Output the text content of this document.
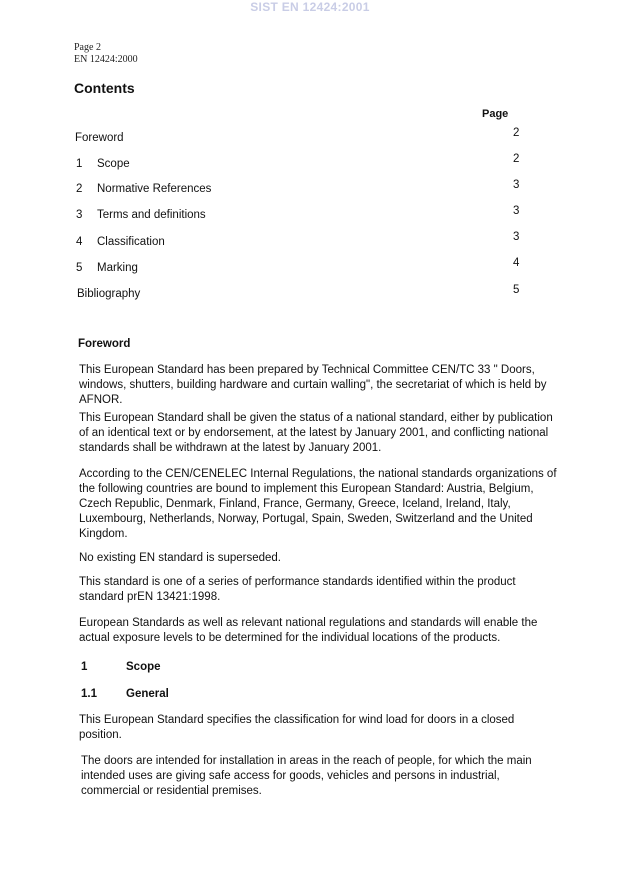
SIST EN 12424:2001
Page 2
EN 12424:2000
Contents
Page
Foreword	2
1 Scope	2
2 Normative References	3
3 Terms and definitions	3
4 Classification	3
5 Marking	4
Bibliography	5
Foreword
This European Standard has been prepared by Technical Committee CEN/TC 33 " Doors, windows, shutters, building hardware and curtain walling", the secretariat of which is held by AFNOR.
This European Standard shall be given the status of a national standard, either by publication of an identical text or by endorsement, at the latest by January 2001, and conflicting national standards shall be withdrawn at the latest by January 2001.
According to the CEN/CENELEC Internal Regulations, the national standards organizations of the following countries are bound to implement this European Standard: Austria, Belgium, Czech Republic, Denmark, Finland, France, Germany, Greece, Iceland, Ireland, Italy, Luxembourg, Netherlands, Norway, Portugal, Spain, Sweden, Switzerland and the United Kingdom.
No existing EN standard is superseded.
This standard is one of a series of performance standards identified within the product standard prEN 13421:1998.
European Standards as well as relevant national regulations and standards will enable the actual exposure levels to be determined for the individual locations of the products.
1	Scope
1.1	General
This European Standard specifies the classification for wind load for doors in a closed position.
The doors are intended for installation in areas in the reach of people, for which the main intended uses are giving safe access for goods, vehicles and persons in industrial, commercial or residential premises.
